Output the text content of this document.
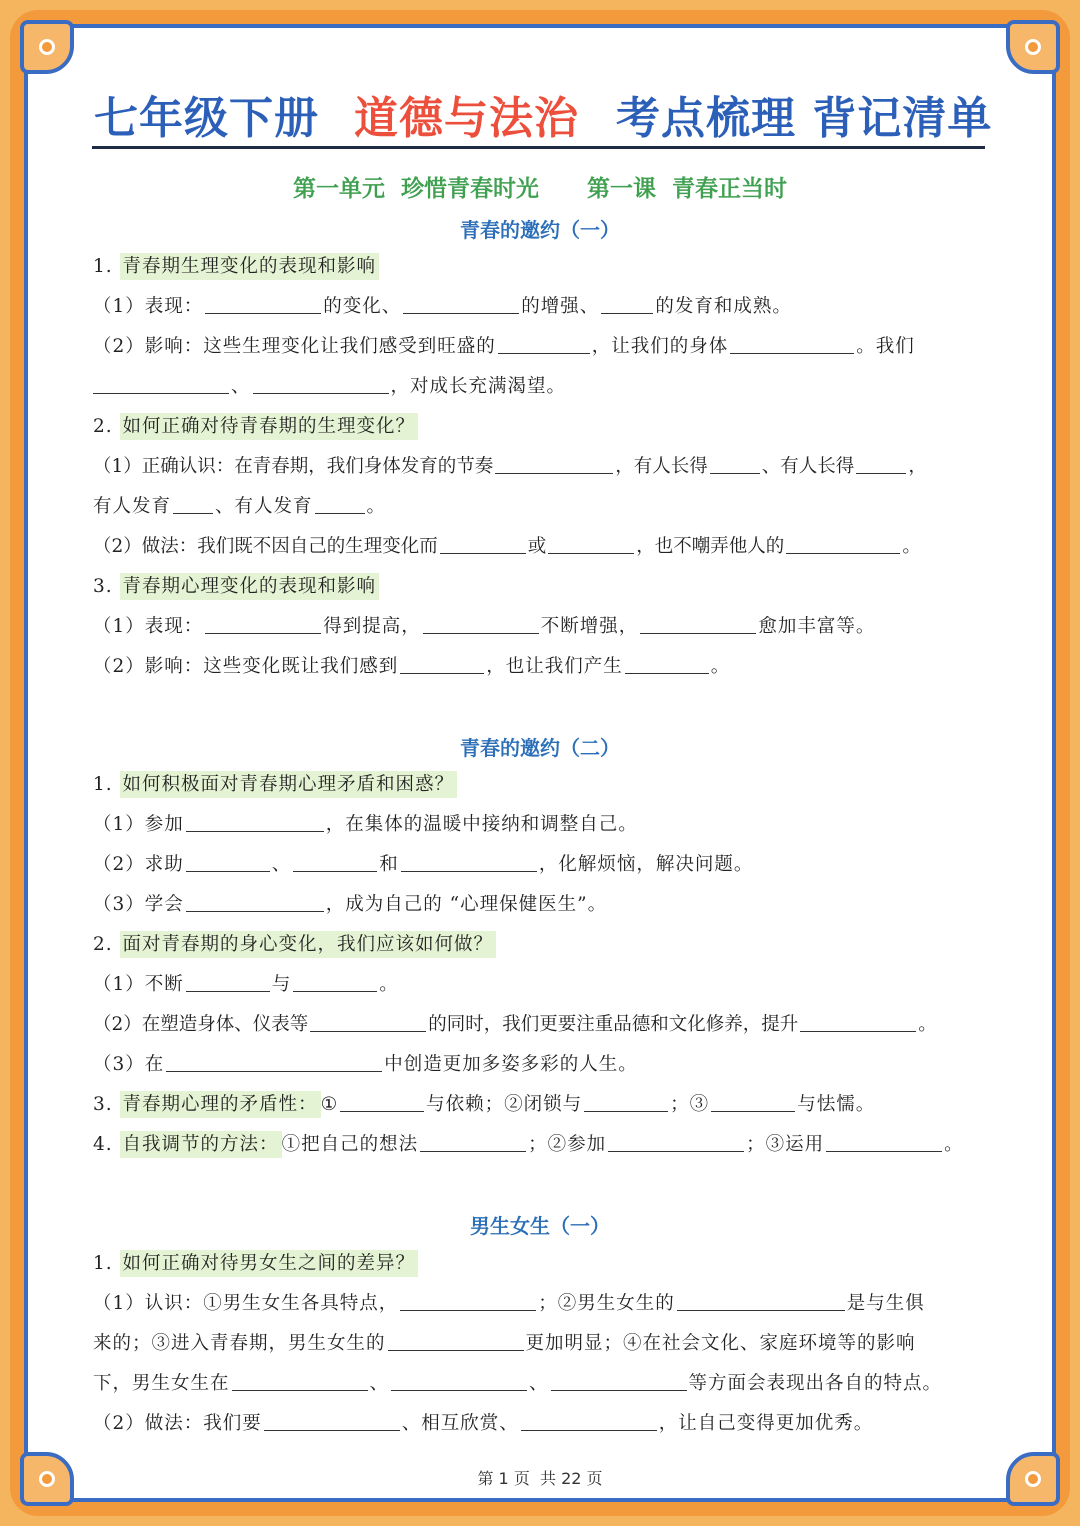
七年级下册 道德与法治 考点梳理 背记清单
第一单元  珍惜青春时光      第一课  青春正当时
青春的邀约（一）
1. 青春期生理变化的表现和影响
（1）表现：	的变化、	的增强、	的发育和成熟。
（2）影响：这些生理变化让我们感受到旺盛的	，让我们的身体	。我们
、	，对成长充满渴望。
2. 如何正确对待青春期的生理变化？
（1）正确认识：在青春期，我们身体发育的节奏	，有人长得	、有人长得	，
有人发育 、有人发育	。
（2）做法：我们既不因自己的生理变化而	或	，也不嘲弄他人的	。
3. 青春期心理变化的表现和影响
（1）表现：	得到提高，	不断增强，	愈加丰富等。
（2）影响：这些变化既让我们感到	，也让我们产生	。
青春的邀约（二）
1. 如何积极面对青春期心理矛盾和困惑？
（1）参加	，在集体的温暖中接纳和调整自己。
（2）求助	、	和	，化解烦恼，解决问题。
（3）学会	，成为自己的 “心理保健医生”。
2. 面对青春期的身心变化，我们应该如何做？
（1）不断	与	。
（2）在塑造身体、仪表等	的同时，我们更要注重品德和文化修养，提升	。
（3）在	中创造更加多姿多彩的人生。
3. 青春期心理的矛盾性： ①	与依赖；②闭锁与	；③	与怯懦。
4. 自我调节的方法： ①把自己的想法	；②参加	；③运用	。
男生女生（一）
1. 如何正确对待男女生之间的差异？
（1）认识：①男生女生各具特点，	；②男生女生的	是与生俱
来的；③进入青春期，男生女生的	更加明显；④在社会文化、家庭环境等的影响
下，男生女生在	、	、	等方面会表现出各自的特点。
（2）做法：我们要	、相互欣赏、	，让自己变得更加优秀。
第 1 页  共 22 页
